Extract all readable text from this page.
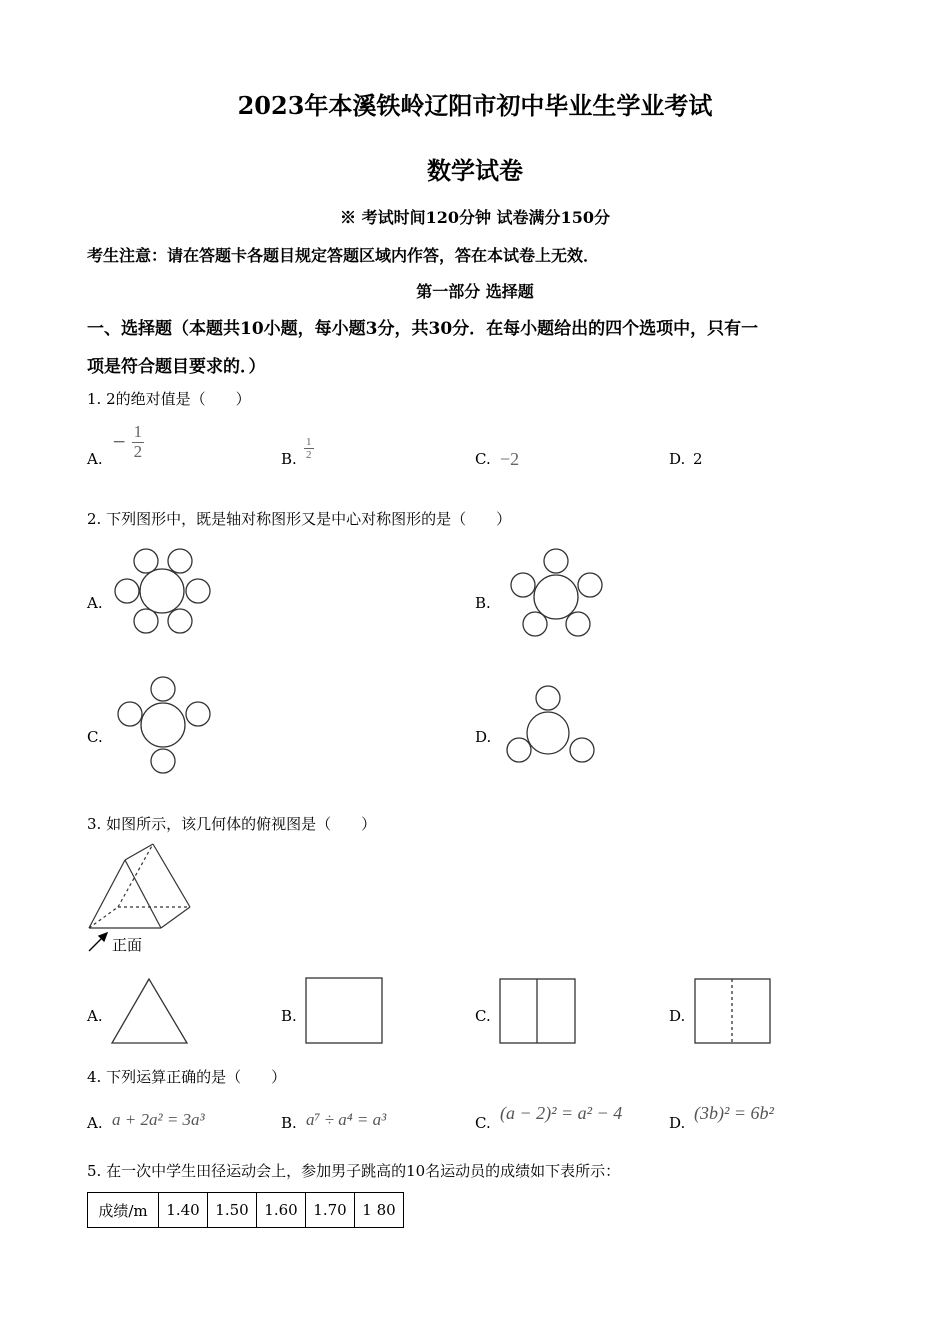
2023年本溪铁岭辽阳市初中毕业生学业考试
数学试卷
※ 考试时间120分钟 试卷满分150分
考生注意：请在答题卡各题目规定答题区域内作答，答在本试卷上无效．
第一部分 选择题
一、选择题（本题共10小题，每小题3分，共30分．在每小题给出的四个选项中，只有一
项是符合题目要求的．）
1. 2的绝对值是（　　）
A.
− $\frac{1}{2}$	B. $\frac{1}{2}$	C. −2	D. 2
2. 下列图形中，既是轴对称图形又是中心对称图形的是（　　）
A.	B.
C.	D.
3. 如图所示，该几何体的俯视图是（　　）
正面
A.	B.	C.	D.
4. 下列运算正确的是（　　）
A. a + 2a² = 3a³	B. a⁷ ÷ a⁴ = a³	C. (a − 2)² = a² − 4	D. (3b)² = 6b²
5. 在一次中学生田径运动会上，参加男子跳高的10名运动员的成绩如下表所示：
成绩/m	1.40	1.50	1.60	1.70	1 80
